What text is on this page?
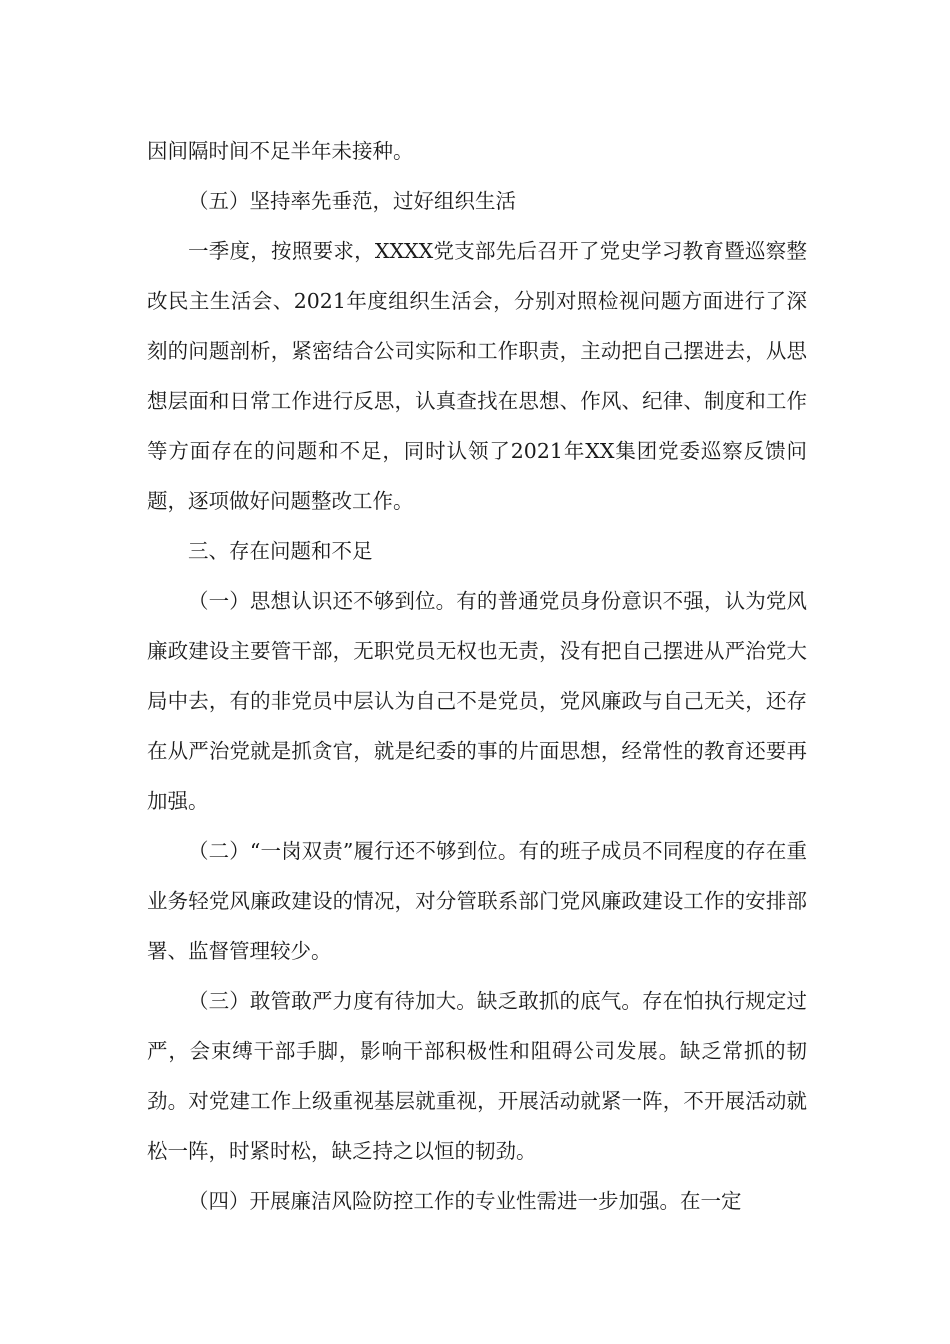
因间隔时间不足半年未接种。

（五）坚持率先垂范，过好组织生活

一季度，按照要求，XXXX党支部先后召开了党史学习教育暨巡察整改民主生活会、2021年度组织生活会，分别对照检视问题方面进行了深刻的问题剖析，紧密结合公司实际和工作职责，主动把自己摆进去，从思想层面和日常工作进行反思，认真查找在思想、作风、纪律、制度和工作等方面存在的问题和不足，同时认领了2021年XX集团党委巡察反馈问题，逐项做好问题整改工作。

三、存在问题和不足

（一）思想认识还不够到位。有的普通党员身份意识不强，认为党风廉政建设主要管干部，无职党员无权也无责，没有把自己摆进从严治党大局中去，有的非党员中层认为自己不是党员，党风廉政与自己无关，还存在从严治党就是抓贪官，就是纪委的事的片面思想，经常性的教育还要再加强。

（二）“一岗双责”履行还不够到位。有的班子成员不同程度的存在重业务轻党风廉政建设的情况，对分管联系部门党风廉政建设工作的安排部署、监督管理较少。

（三）敢管敢严力度有待加大。缺乏敢抓的底气。存在怕执行规定过严，会束缚干部手脚，影响干部积极性和阻碍公司发展。缺乏常抓的韧劲。对党建工作上级重视基层就重视，开展活动就紧一阵，不开展活动就松一阵，时紧时松，缺乏持之以恒的韧劲。

（四）开展廉洁风险防控工作的专业性需进一步加强。在一定
